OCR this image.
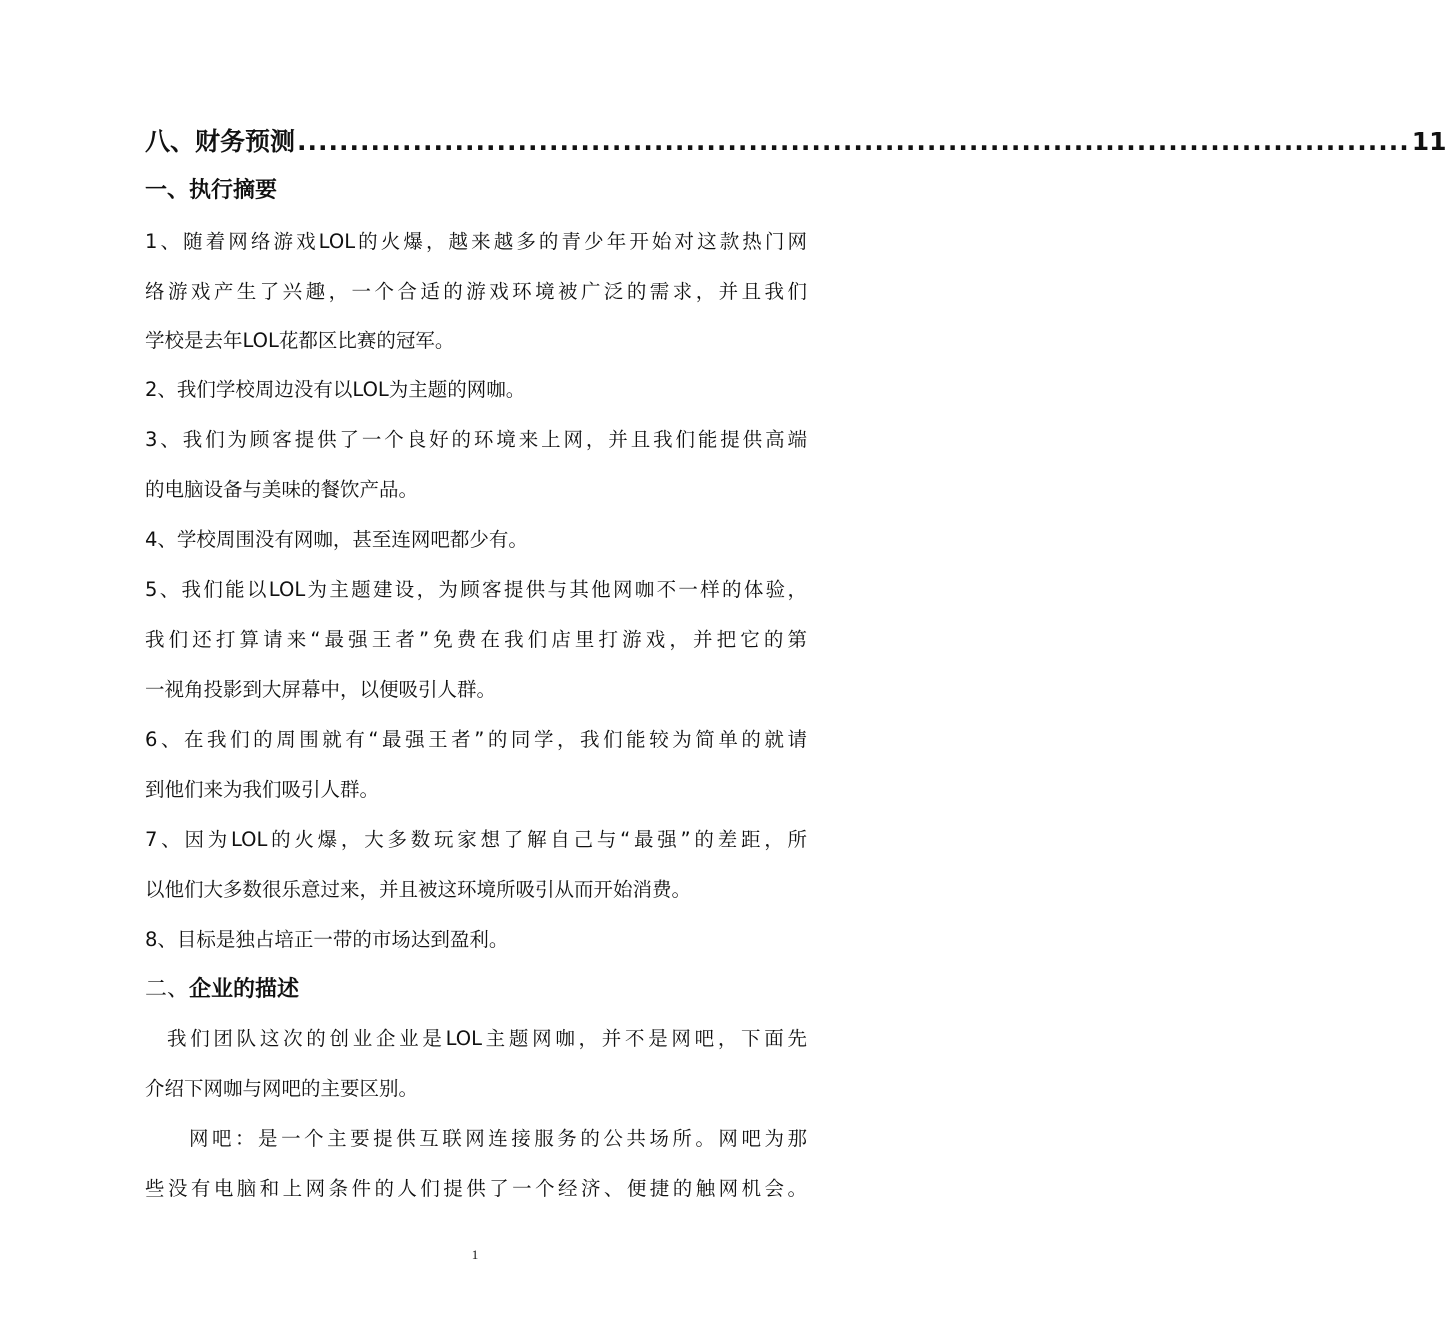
八、财务预测 .......................................................................................................... 11
一、执行摘要
1、随着网络游戏LOL的火爆，越来越多的青少年开始对这款热门网
络游戏产生了兴趣，一个合适的游戏环境被广泛的需求，并且我们
学校是去年LOL花都区比赛的冠军。
2、我们学校周边没有以LOL为主题的网咖。
3、我们为顾客提供了一个良好的环境来上网，并且我们能提供高端
的电脑设备与美味的餐饮产品。
4、学校周围没有网咖，甚至连网吧都少有。
5、我们能以LOL为主题建设，为顾客提供与其他网咖不一样的体验，
我们还打算请来“最强王者”免费在我们店里打游戏，并把它的第
一视角投影到大屏幕中，以便吸引人群。
6、在我们的周围就有“最强王者”的同学，我们能较为简单的就请
到他们来为我们吸引人群。
7、因为LOL的火爆，大多数玩家想了解自己与“最强”的差距，所
以他们大多数很乐意过来，并且被这环境所吸引从而开始消费。
8、目标是独占培正一带的市场达到盈利。
二、企业的描述
我们团队这次的创业企业是LOL主题网咖，并不是网吧，下面先
介绍下网咖与网吧的主要区别。
网吧：是一个主要提供互联网连接服务的公共场所。网吧为那
些没有电脑和上网条件的人们提供了一个经济、便捷的触网机会。
1
